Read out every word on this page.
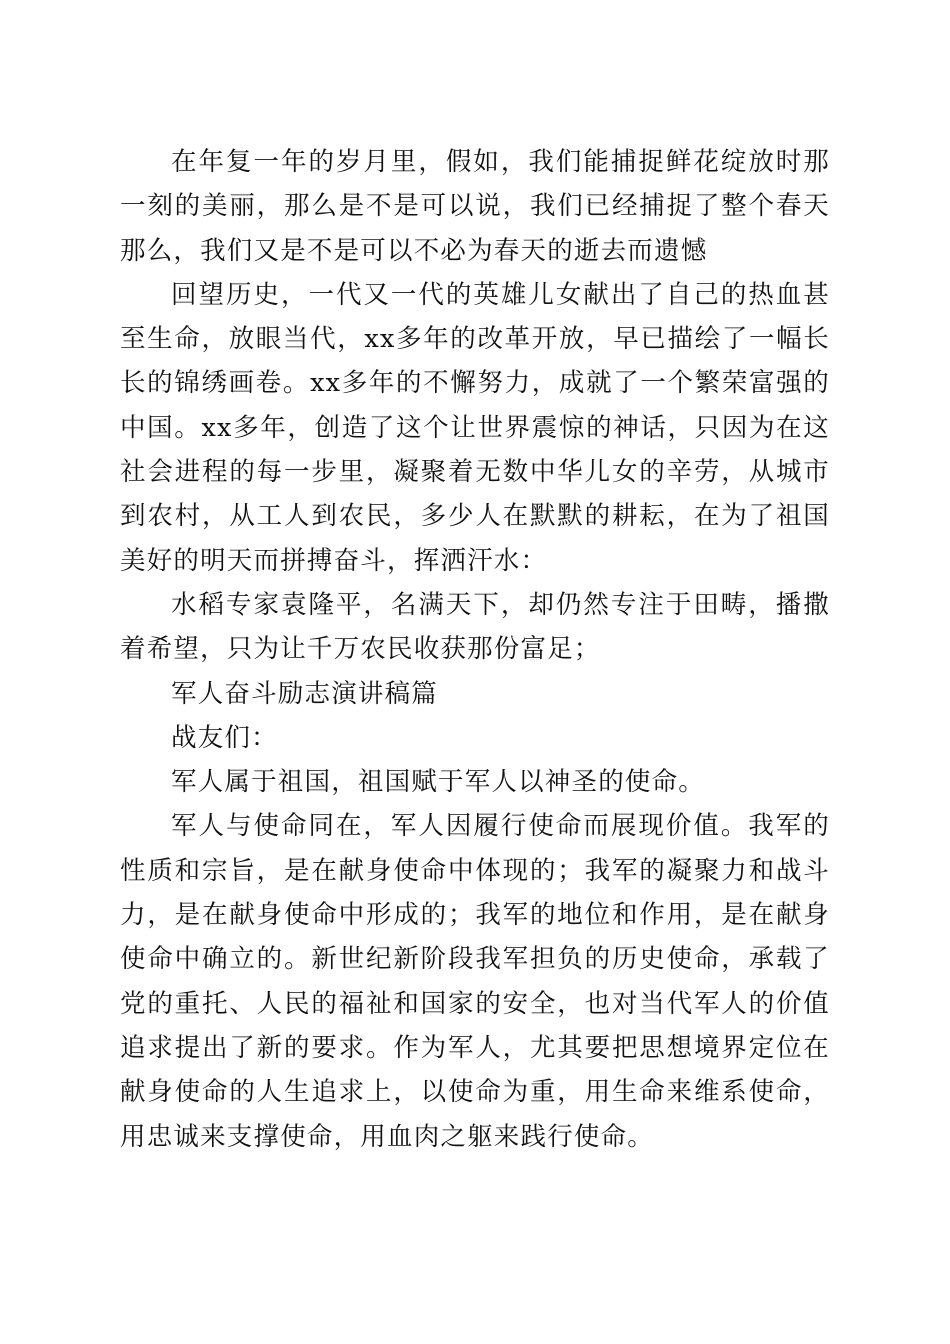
在年复一年的岁月里，假如，我们能捕捉鲜花绽放时那一刻的美丽，那么是不是可以说，我们已经捕捉了整个春天那么，我们又是不是可以不必为春天的逝去而遗憾

回望历史，一代又一代的英雄儿女献出了自己的热血甚至生命，放眼当代，xx多年的改革开放，早已描绘了一幅长长的锦绣画卷。xx多年的不懈努力，成就了一个繁荣富强的中国。xx多年，创造了这个让世界震惊的神话，只因为在这社会进程的每一步里，凝聚着无数中华儿女的辛劳，从城市到农村，从工人到农民，多少人在默默的耕耘，在为了祖国美好的明天而拼搏奋斗，挥洒汗水：

水稻专家袁隆平，名满天下，却仍然专注于田畴，播撒着希望，只为让千万农民收获那份富足；

军人奋斗励志演讲稿篇

战友们：

军人属于祖国，祖国赋于军人以神圣的使命。

军人与使命同在，军人因履行使命而展现价值。我军的性质和宗旨，是在献身使命中体现的；我军的凝聚力和战斗力，是在献身使命中形成的；我军的地位和作用，是在献身使命中确立的。新世纪新阶段我军担负的历史使命，承载了党的重托、人民的福祉和国家的安全，也对当代军人的价值追求提出了新的要求。作为军人，尤其要把思想境界定位在献身使命的人生追求上，以使命为重，用生命来维系使命，用忠诚来支撑使命，用血肉之躯来践行使命。
